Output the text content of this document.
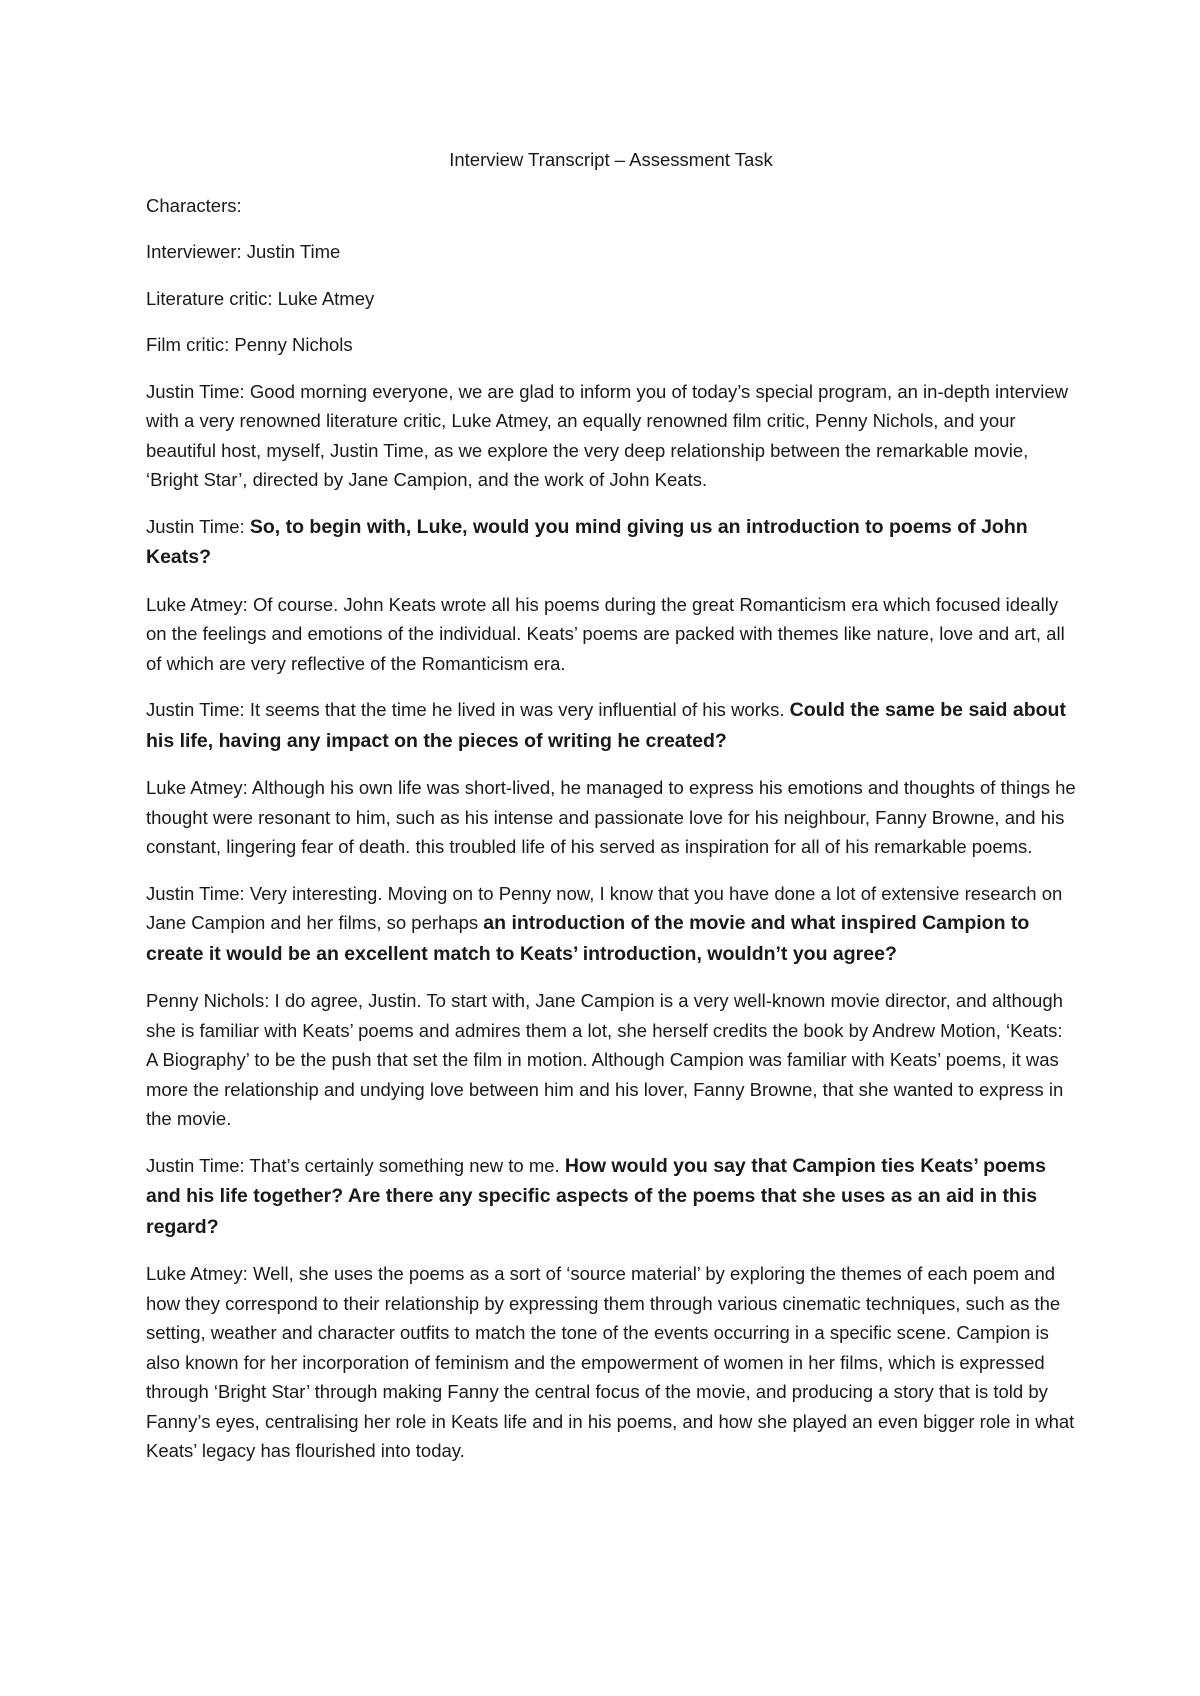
Interview Transcript – Assessment Task

Characters:

Interviewer: Justin Time

Literature critic: Luke Atmey

Film critic: Penny Nichols

Justin Time: Good morning everyone, we are glad to inform you of today’s special program, an in-depth interview with a very renowned literature critic, Luke Atmey, an equally renowned film critic, Penny Nichols, and your beautiful host, myself, Justin Time, as we explore the very deep relationship between the remarkable movie, ‘Bright Star’, directed by Jane Campion, and the work of John Keats.

Justin Time: So, to begin with, Luke, would you mind giving us an introduction to poems of John Keats?

Luke Atmey: Of course. John Keats wrote all his poems during the great Romanticism era which focused ideally on the feelings and emotions of the individual. Keats’ poems are packed with themes like nature, love and art, all of which are very reflective of the Romanticism era.

Justin Time: It seems that the time he lived in was very influential of his works. Could the same be said about his life, having any impact on the pieces of writing he created?

Luke Atmey: Although his own life was short-lived, he managed to express his emotions and thoughts of things he thought were resonant to him, such as his intense and passionate love for his neighbour, Fanny Browne, and his constant, lingering fear of death. this troubled life of his served as inspiration for all of his remarkable poems.

Justin Time: Very interesting. Moving on to Penny now, I know that you have done a lot of extensive research on Jane Campion and her films, so perhaps an introduction of the movie and what inspired Campion to create it would be an excellent match to Keats’ introduction, wouldn’t you agree?

Penny Nichols: I do agree, Justin. To start with, Jane Campion is a very well-known movie director, and although she is familiar with Keats’ poems and admires them a lot, she herself credits the book by Andrew Motion, ‘Keats: A Biography’ to be the push that set the film in motion. Although Campion was familiar with Keats’ poems, it was more the relationship and undying love between him and his lover, Fanny Browne, that she wanted to express in the movie.

Justin Time: That’s certainly something new to me. How would you say that Campion ties Keats’ poems and his life together? Are there any specific aspects of the poems that she uses as an aid in this regard?

Luke Atmey: Well, she uses the poems as a sort of ‘source material’ by exploring the themes of each poem and how they correspond to their relationship by expressing them through various cinematic techniques, such as the setting, weather and character outfits to match the tone of the events occurring in a specific scene. Campion is also known for her incorporation of feminism and the empowerment of women in her films, which is expressed through ‘Bright Star’ through making Fanny the central focus of the movie, and producing a story that is told by Fanny’s eyes, centralising her role in Keats life and in his poems, and how she played an even bigger role in what Keats’ legacy has flourished into today.
